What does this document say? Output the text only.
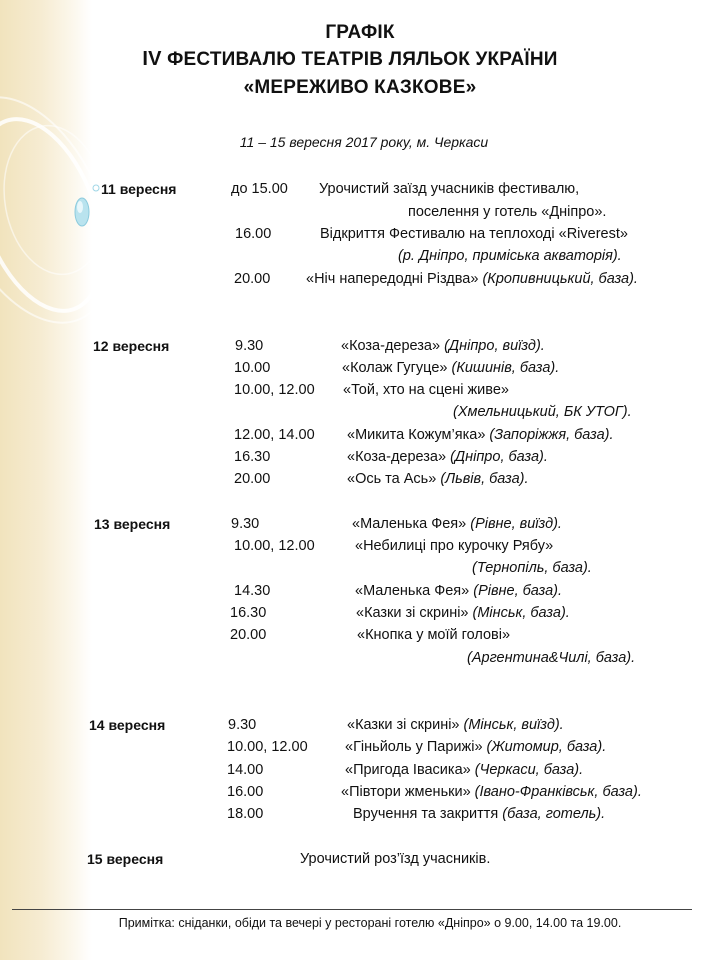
ГРАФІК
IV ФЕСТИВАЛЮ ТЕАТРІВ ЛЯЛЬОК УКРАЇНИ
«МЕРЕЖИВО КАЗКОВЕ»
11 – 15 вересня 2017 року, м. Черкаси
11 вересня	до 15.00 Урочистий заїзд учасників фестивалю,
поселення у готель «Дніпро».
16.00	Відкриття Фестивалю на теплоході «Riverest»
(р. Дніпро, приміська акваторія).
20.00 «Ніч напередодні Різдва» (Кропивницький, база).
12 вересня	9.30	«Коза-дереза» (Дніпро, виїзд).
10.00	«Колаж Гугуце» (Кишинів, база).
10.00, 12.00 «Той, хто на сцені живе»
(Хмельницький, БК УТОГ).
12.00, 14.00 «Микита Кожум’яка» (Запоріжжя, база).
16.30	«Коза-дереза» (Дніпро, база).
20.00	«Ось та Ась» (Львів, база).
13 вересня	9.30	«Маленька Фея» (Рівне, виїзд).
10.00, 12.00	«Небилиці про курочку Рябу»
(Тернопіль, база).
14.30	«Маленька Фея» (Рівне, база).
16.30	«Казки зі скрині» (Мінськ, база).
20.00	«Кнопка у моїй голові»
(Аргентина&Чилі, база).
14 вересня	9.30	«Казки зі скрині» (Мінськ, виїзд).
10.00, 12.00	«Гіньйоль у Парижі» (Житомир, база).
14.00	«Пригода Івасика» (Черкаси, база).
16.00	«Півтори жменьки» (Івано-Франківськ, база).
18.00	Вручення та закриття (база, готель).
15 вересня	Урочистий роз’їзд учасників.
Примітка: сніданки, обіди та вечері у ресторані готелю «Дніпро» о 9.00, 14.00 та 19.00.
